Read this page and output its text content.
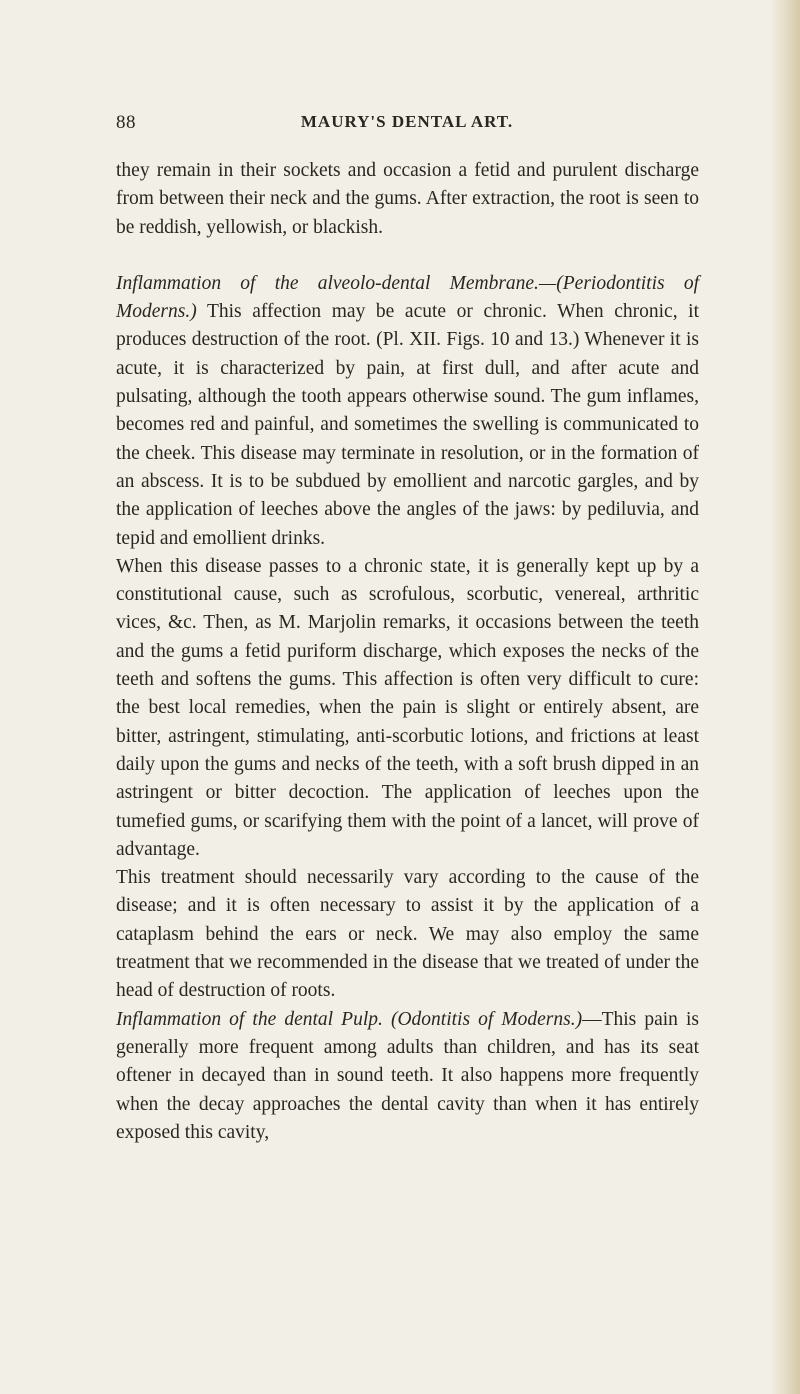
88	MAURY'S DENTAL ART.

they remain in their sockets and occasion a fetid and purulent discharge from between their neck and the gums. After extraction, the root is seen to be reddish, yellowish, or blackish.

Inflammation of the alveolo-dental Membrane.—(Periodontitis of Moderns.) This affection may be acute or chronic. When chronic, it produces destruction of the root. (Pl. XII. Figs. 10 and 13.) Whenever it is acute, it is characterized by pain, at first dull, and after acute and pulsating, although the tooth appears otherwise sound. The gum inflames, becomes red and painful, and sometimes the swelling is communicated to the cheek. This disease may terminate in resolution, or in the formation of an abscess. It is to be subdued by emollient and narcotic gargles, and by the application of leeches above the angles of the jaws: by pediluvia, and tepid and emollient drinks.

When this disease passes to a chronic state, it is generally kept up by a constitutional cause, such as scrofulous, scorbutic, venereal, arthritic vices, &c. Then, as M. Marjolin remarks, it occasions between the teeth and the gums a fetid puriform discharge, which exposes the necks of the teeth and softens the gums. This affection is often very difficult to cure: the best local remedies, when the pain is slight or entirely absent, are bitter, astringent, stimulating, anti-scorbutic lotions, and frictions at least daily upon the gums and necks of the teeth, with a soft brush dipped in an astringent or bitter decoction. The application of leeches upon the tumefied gums, or scarifying them with the point of a lancet, will prove of advantage.

This treatment should necessarily vary according to the cause of the disease; and it is often necessary to assist it by the application of a cataplasm behind the ears or neck. We may also employ the same treatment that we recommended in the disease that we treated of under the head of destruction of roots.

Inflammation of the dental Pulp. (Odontitis of Moderns.)—This pain is generally more frequent among adults than children, and has its seat oftener in decayed than in sound teeth. It also happens more frequently when the decay approaches the dental cavity than when it has entirely exposed this cavity,
